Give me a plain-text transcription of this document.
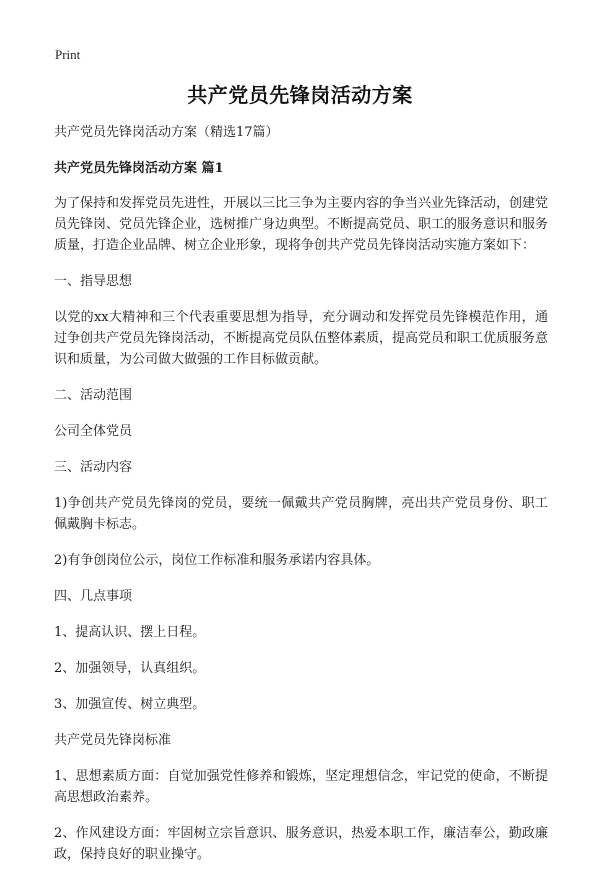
Print
共产党员先锋岗活动方案
共产党员先锋岗活动方案（精选17篇）
共产党员先锋岗活动方案 篇1
为了保持和发挥党员先进性，开展以三比三争为主要内容的争当兴业先锋活动，创建党员先锋岗、党员先锋企业，选树推广身边典型。不断提高党员、职工的服务意识和服务质量，打造企业品牌、树立企业形象，现将争创共产党员先锋岗活动实施方案如下：
一、指导思想
以党的xx大精神和三个代表重要思想为指导，充分调动和发挥党员先锋模范作用，通过争创共产党员先锋岗活动，不断提高党员队伍整体素质，提高党员和职工优质服务意识和质量，为公司做大做强的工作目标做贡献。
二、活动范围
公司全体党员
三、活动内容
1)争创共产党员先锋岗的党员，要统一佩戴共产党员胸牌，亮出共产党员身份、职工佩戴胸卡标志。
2)有争创岗位公示，岗位工作标准和服务承诺内容具体。
四、几点事项
1、提高认识、摆上日程。
2、加强领导，认真组织。
3、加强宣传、树立典型。
共产党员先锋岗标准
1、思想素质方面：自觉加强党性修养和锻炼，坚定理想信念，牢记党的使命，不断提高思想政治素养。
2、作风建设方面：牢固树立宗旨意识、服务意识，热爱本职工作，廉洁奉公，勤政廉政，保持良好的职业操守。
